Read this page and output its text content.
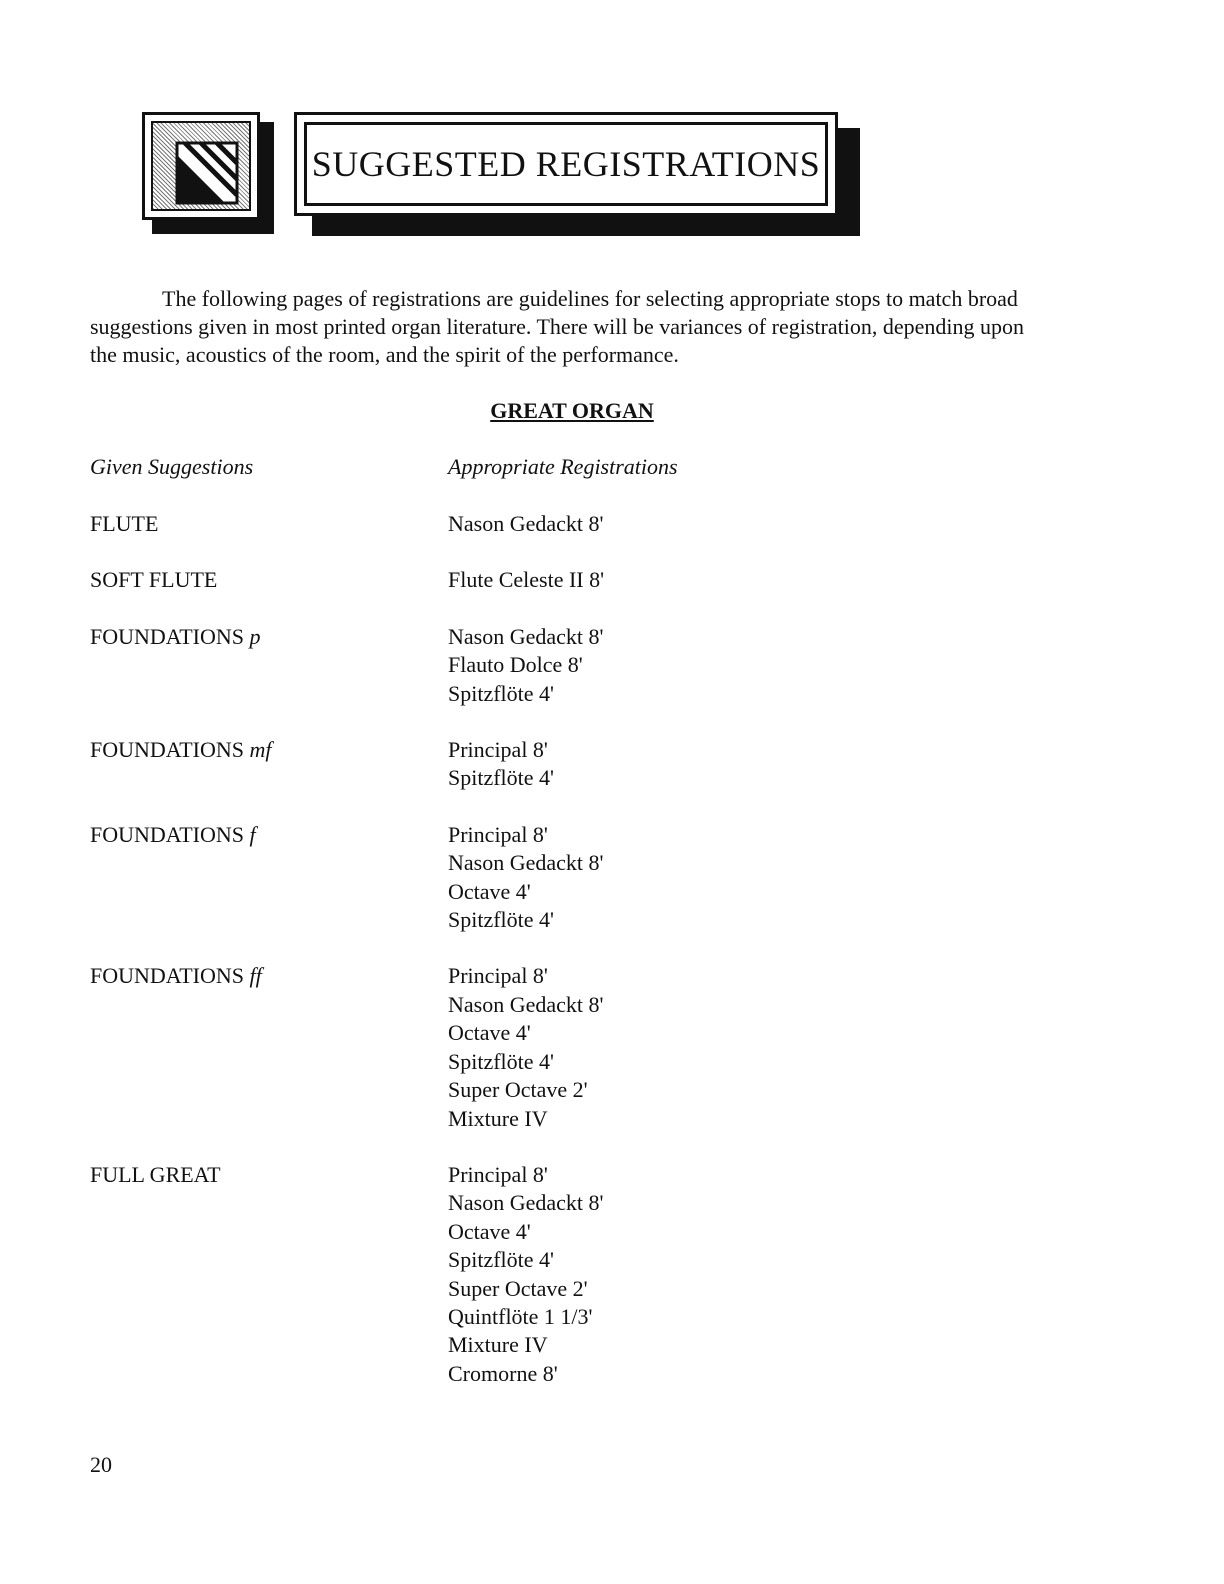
SUGGESTED REGISTRATIONS

The following pages of registrations are guidelines for selecting appropriate stops to match broad suggestions given in most printed organ literature. There will be variances of registration, depending upon the music, acoustics of the room, and the spirit of the performance.

GREAT ORGAN
Given Suggestions	Appropriate Registrations
FLUTE	Nason Gedackt 8'
SOFT FLUTE	Flute Celeste II 8'
FOUNDATIONS p	Nason Gedackt 8'
Flauto Dolce 8'
Spitzflöte 4'
FOUNDATIONS mf	Principal 8'
Spitzflöte 4'
FOUNDATIONS f	Principal 8'
Nason Gedackt 8'
Octave 4'
Spitzflöte 4'
FOUNDATIONS ff	Principal 8'
Nason Gedackt 8'
Octave 4'
Spitzflöte 4'
Super Octave 2'
Mixture IV
FULL GREAT	Principal 8'
Nason Gedackt 8'
Octave 4'
Spitzflöte 4'
Super Octave 2'
Quintflöte 1 1/3'
Mixture IV
Cromorne 8'
20
